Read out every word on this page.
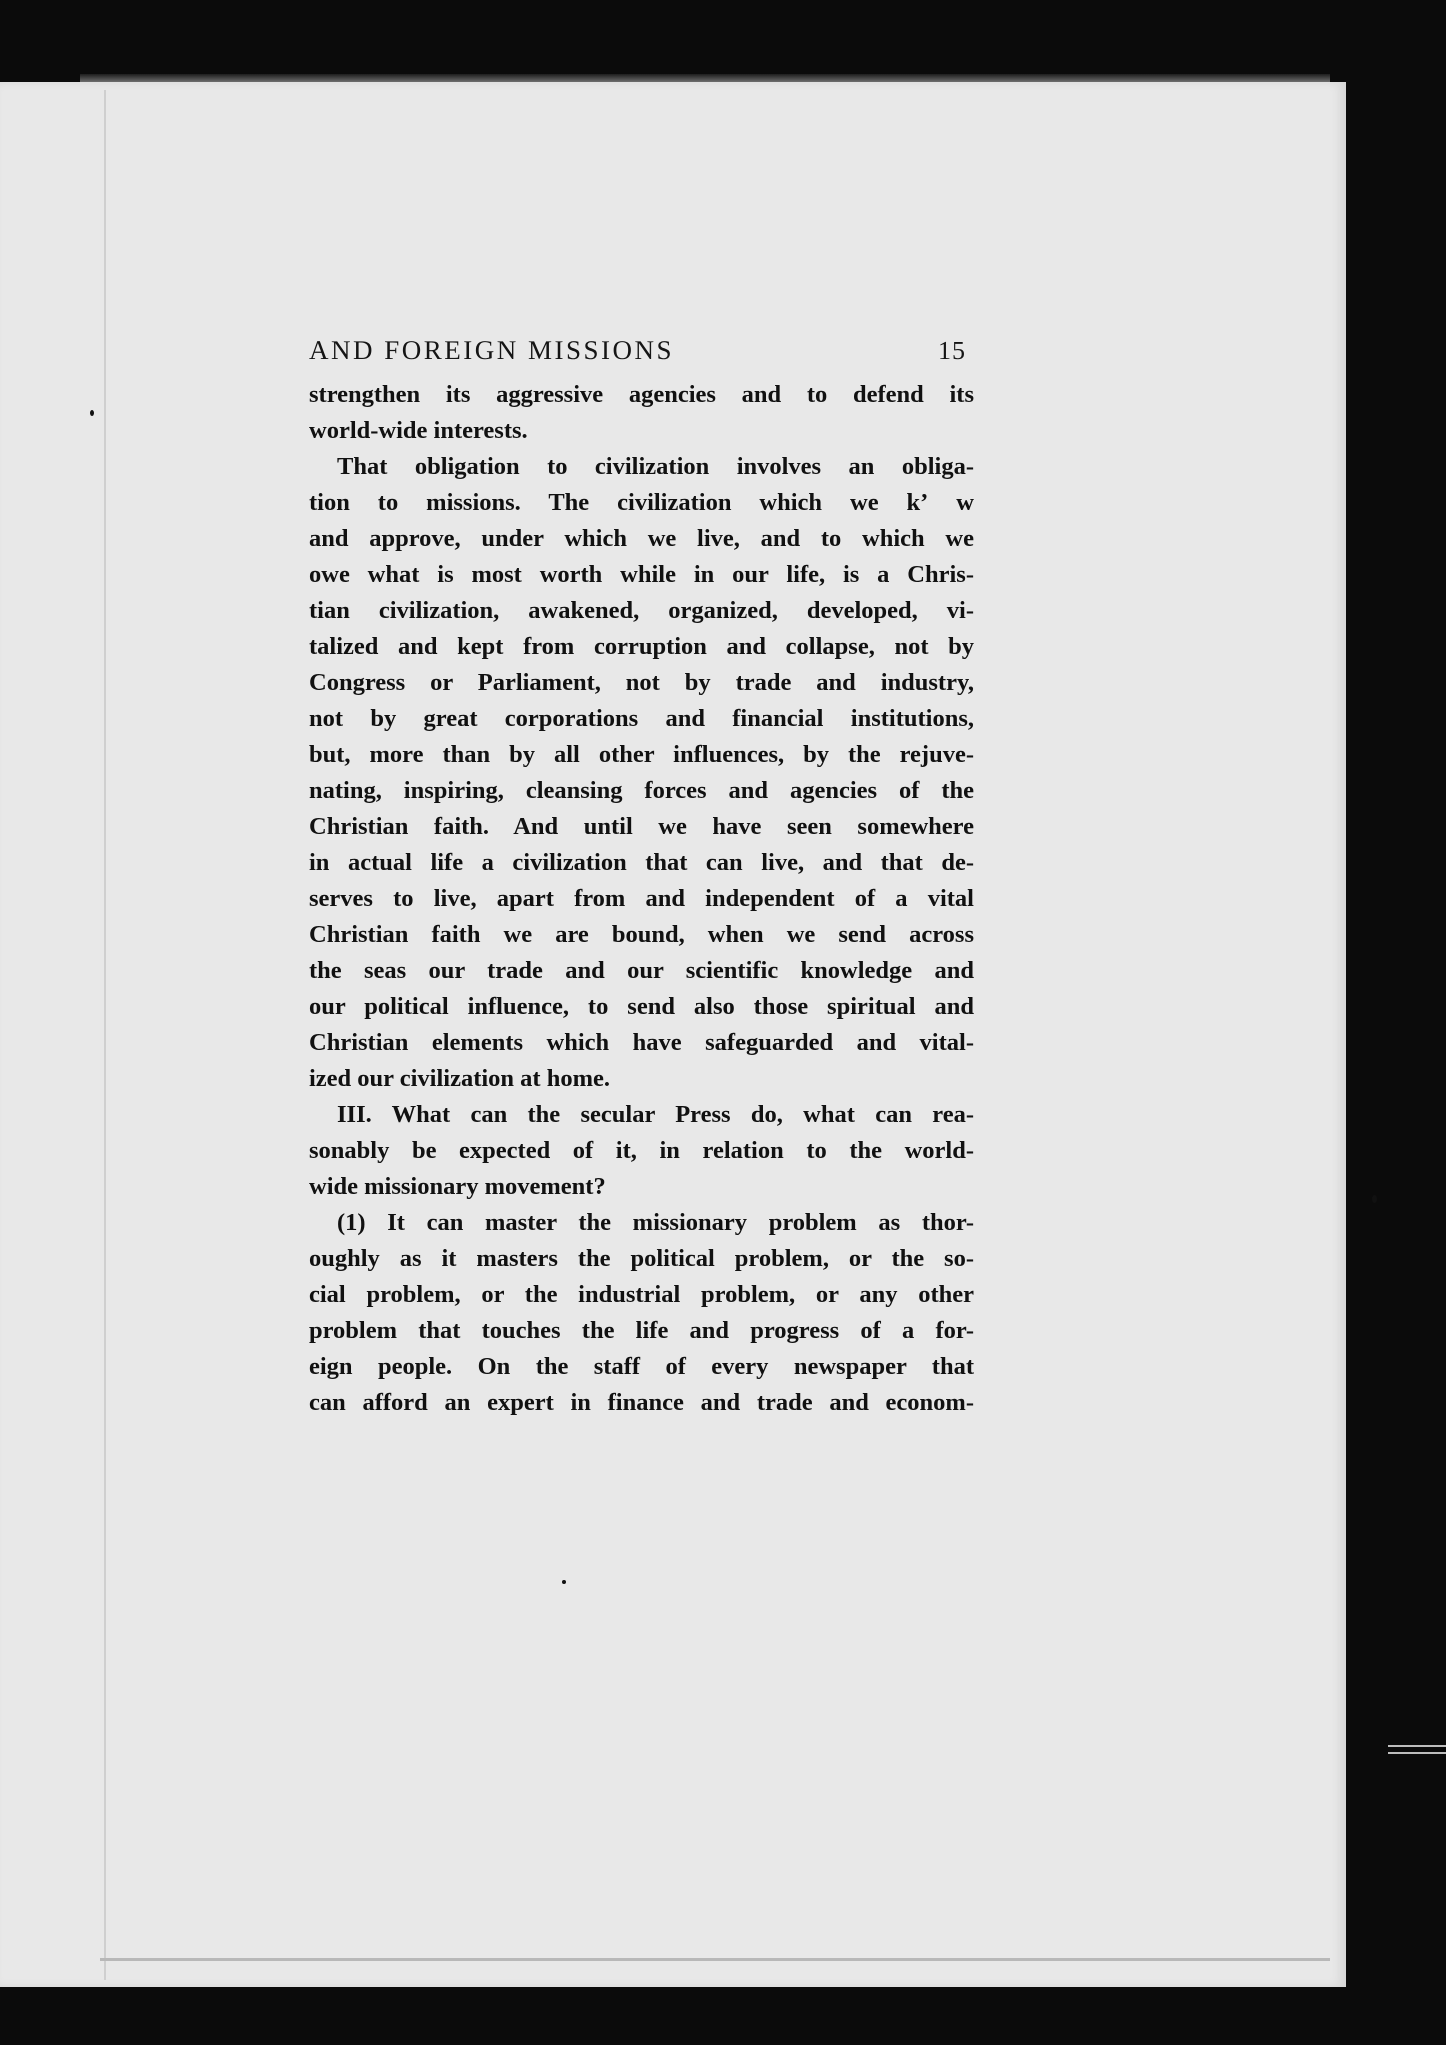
AND FOREIGN MISSIONS	15
strengthen its aggressive agencies and to defend its
world-wide interests.
That obligation to civilization involves an obliga-
tion to missions. The civilization which we kʼ w
and approve, under which we live, and to which we
owe what is most worth while in our life, is a Chris-
tian civilization, awakened, organized, developed, vi-
talized and kept from corruption and collapse, not by
Congress or Parliament, not by trade and industry,
not by great corporations and financial institutions,
but, more than by all other influences, by the rejuve-
nating, inspiring, cleansing forces and agencies of the
Christian faith. And until we have seen somewhere
in actual life a civilization that can live, and that de-
serves to live, apart from and independent of a vital
Christian faith we are bound, when we send across
the seas our trade and our scientific knowledge and
our political influence, to send also those spiritual and
Christian elements which have safeguarded and vital-
ized our civilization at home.
III. What can the secular Press do, what can rea-
sonably be expected of it, in relation to the world-
wide missionary movement?
(1) It can master the missionary problem as thor-
oughly as it masters the political problem, or the so-
cial problem, or the industrial problem, or any other
problem that touches the life and progress of a for-
eign people. On the staff of every newspaper that
can afford an expert in finance and trade and econom-
